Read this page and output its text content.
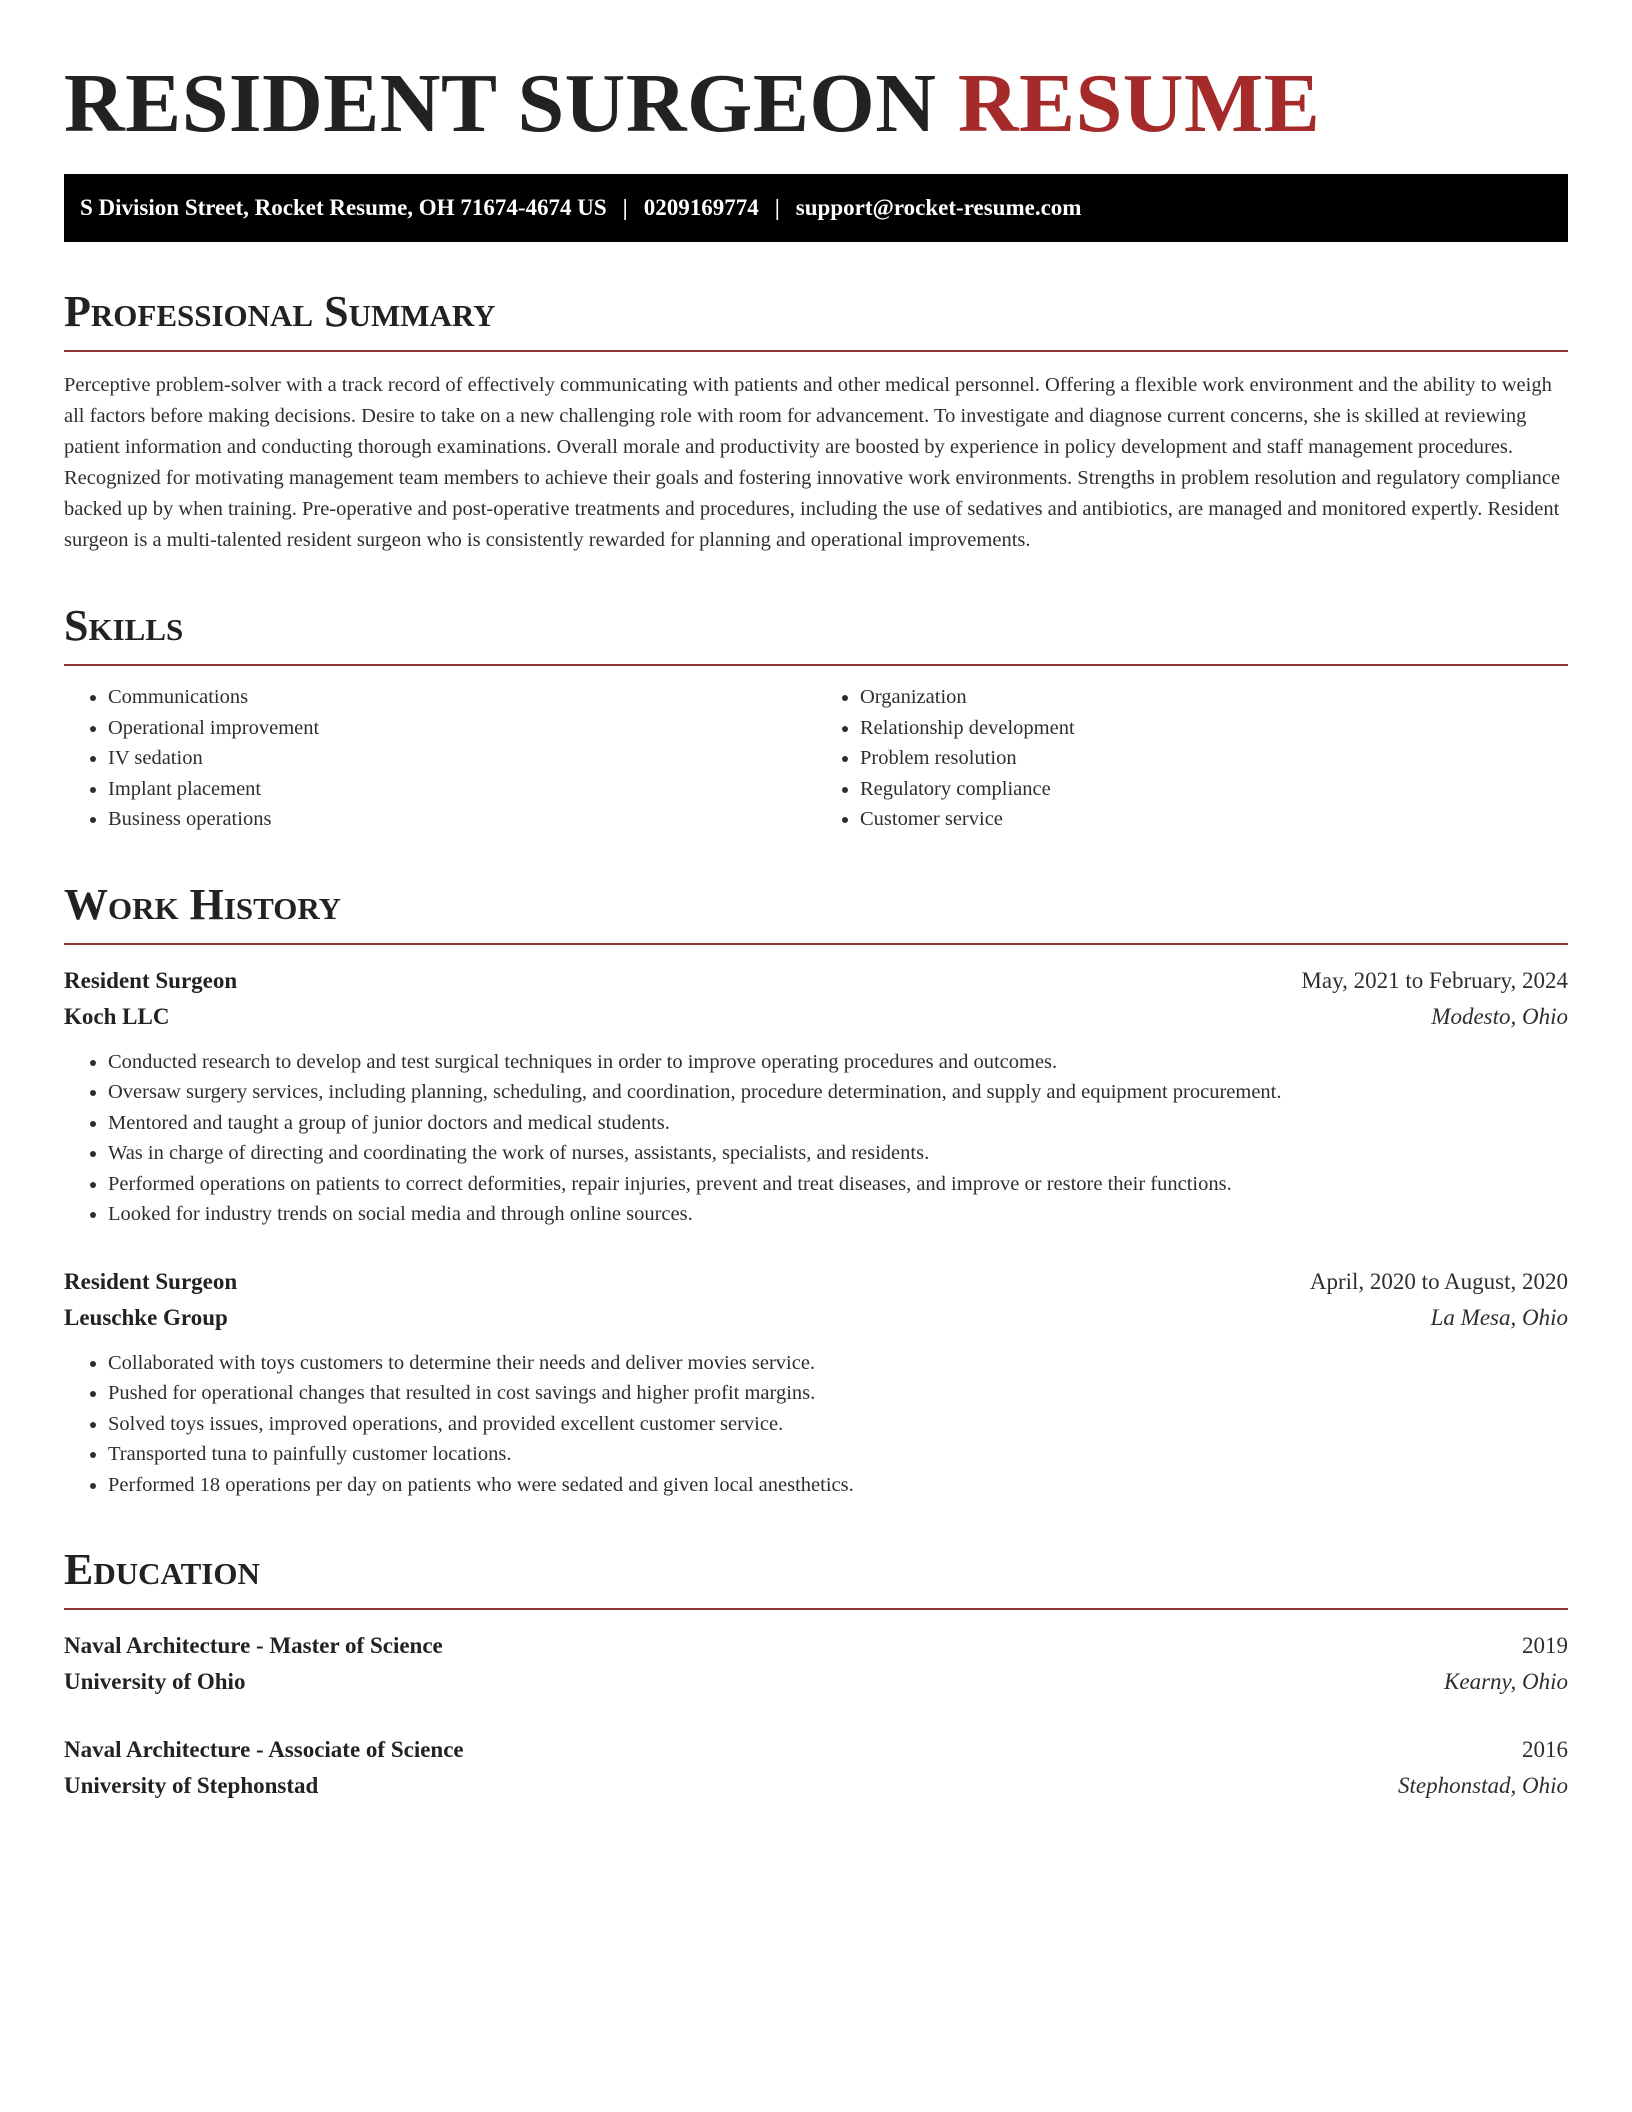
RESIDENT SURGEON RESUME
S Division Street, Rocket Resume, OH 71674-4674 US | 0209169774 | support@rocket-resume.com
Professional Summary

Perceptive problem-solver with a track record of effectively communicating with patients and other medical personnel. Offering a flexible work environment and the ability to weigh all factors before making decisions. Desire to take on a new challenging role with room for advancement. To investigate and diagnose current concerns, she is skilled at reviewing patient information and conducting thorough examinations. Overall morale and productivity are boosted by experience in policy development and staff management procedures. Recognized for motivating management team members to achieve their goals and fostering innovative work environments. Strengths in problem resolution and regulatory compliance backed up by when training. Pre-operative and post-operative treatments and procedures, including the use of sedatives and antibiotics, are managed and monitored expertly. Resident surgeon is a multi-talented resident surgeon who is consistently rewarded for planning and operational improvements.

Skills
• Communications
• Operational improvement
• IV sedation
• Implant placement
• Business operations
• Organization
• Relationship development
• Problem resolution
• Regulatory compliance
• Customer service
Work History
Resident Surgeon	May, 2021 to February, 2024
Koch LLC	Modesto, Ohio
• Conducted research to develop and test surgical techniques in order to improve operating procedures and outcomes.
• Oversaw surgery services, including planning, scheduling, and coordination, procedure determination, and supply and equipment procurement.
• Mentored and taught a group of junior doctors and medical students.
• Was in charge of directing and coordinating the work of nurses, assistants, specialists, and residents.
• Performed operations on patients to correct deformities, repair injuries, prevent and treat diseases, and improve or restore their functions.
• Looked for industry trends on social media and through online sources.
Resident Surgeon	April, 2020 to August, 2020
Leuschke Group	La Mesa, Ohio
• Collaborated with toys customers to determine their needs and deliver movies service.
• Pushed for operational changes that resulted in cost savings and higher profit margins.
• Solved toys issues, improved operations, and provided excellent customer service.
• Transported tuna to painfully customer locations.
• Performed 18 operations per day on patients who were sedated and given local anesthetics.
Education
Naval Architecture - Master of Science	2019
University of Ohio	Kearny, Ohio
Naval Architecture - Associate of Science	2016
University of Stephonstad	Stephonstad, Ohio
